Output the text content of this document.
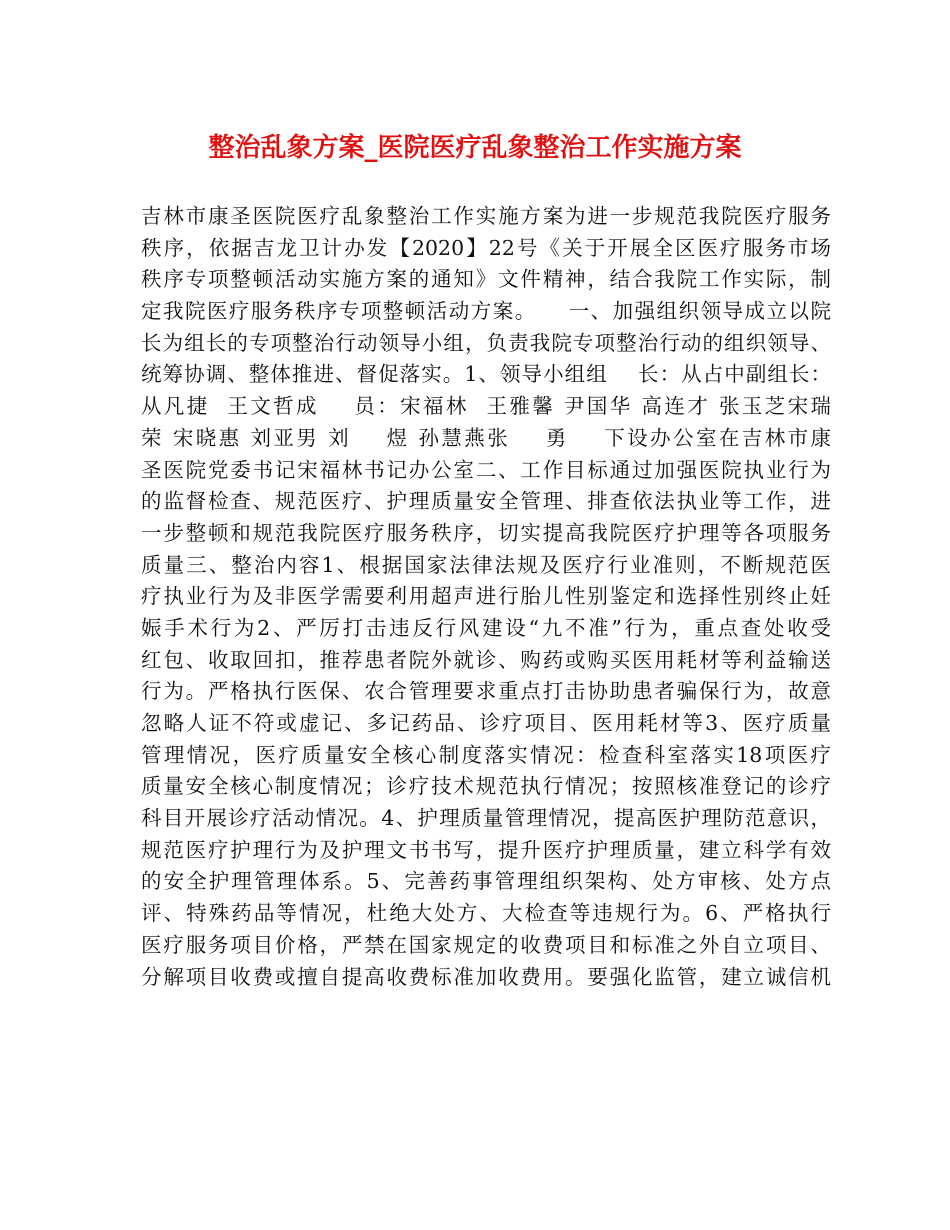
整治乱象方案_医院医疗乱象整治工作实施方案
吉林市康圣医院医疗乱象整治工作实施方案为进一步规范我院医疗服务
秩序，依据吉龙卫计办发【2020】22号《关于开展全区医疗服务市场
秩序专项整顿活动实施方案的通知》文件精神，结合我院工作实际，制
定我院医疗服务秩序专项整顿活动方案。    一、加强组织领导成立以院
长为组长的专项整治行动领导小组，负责我院专项整治行动的组织领导、
统筹协调、整体推进、督促落实。1、领导小组组    长：从占中副组长：
从凡捷  王文哲成    员：宋福林  王雅馨 尹国华 高连才 张玉芝宋瑞
荣 宋晓惠 刘亚男 刘    煜 孙慧燕张    勇    下设办公室在吉林市康
圣医院党委书记宋福林书记办公室二、工作目标通过加强医院执业行为
的监督检查、规范医疗、护理质量安全管理、排查依法执业等工作，进
一步整顿和规范我院医疗服务秩序，切实提高我院医疗护理等各项服务
质量三、整治内容1、根据国家法律法规及医疗行业准则，不断规范医
疗执业行为及非医学需要利用超声进行胎儿性别鉴定和选择性别终止妊
娠手术行为2、严厉打击违反行风建设“九不准”行为，重点查处收受
红包、收取回扣，推荐患者院外就诊、购药或购买医用耗材等利益输送
行为。严格执行医保、农合管理要求重点打击协助患者骗保行为，故意
忽略人证不符或虚记、多记药品、诊疗项目、医用耗材等3、医疗质量
管理情况，医疗质量安全核心制度落实情况：检查科室落实18项医疗
质量安全核心制度情况；诊疗技术规范执行情况；按照核准登记的诊疗
科目开展诊疗活动情况。4、护理质量管理情况，提高医护理防范意识，
规范医疗护理行为及护理文书书写，提升医疗护理质量，建立科学有效
的安全护理管理体系。5、完善药事管理组织架构、处方审核、处方点
评、特殊药品等情况，杜绝大处方、大检查等违规行为。6、严格执行
医疗服务项目价格，严禁在国家规定的收费项目和标准之外自立项目、
分解项目收费或擅自提高收费标准加收费用。要强化监管，建立诚信机
